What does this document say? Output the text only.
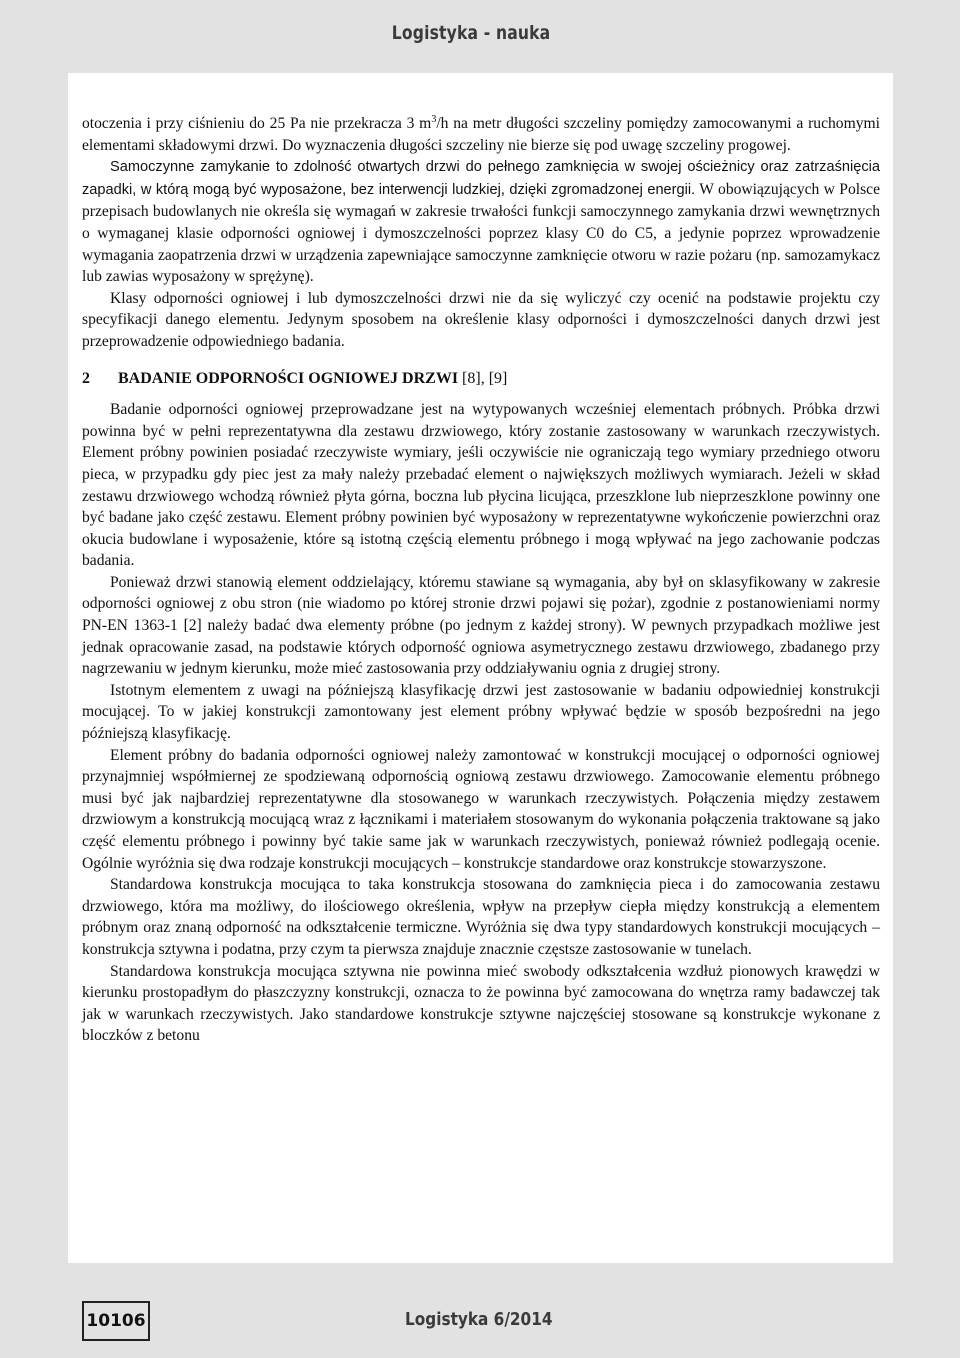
Logistyka - nauka

otoczenia i przy ciśnieniu do 25 Pa nie przekracza 3 $m^3/h$ na metr długości szczeliny pomiędzy zamocowanymi a ruchomymi elementami składowymi drzwi. Do wyznaczenia długości szczeliny nie bierze się pod uwagę szczeliny progowej.

Samoczynne zamykanie to zdolność otwartych drzwi do pełnego zamknięcia w swojej ościeżnicy oraz zatrzaśnięcia zapadki, w którą mogą być wyposażone, bez interwencji ludzkiej, dzięki zgromadzonej energii. W obowiązujących w Polsce przepisach budowlanych nie określa się wymagań w zakresie trwałości funkcji samoczynnego zamykania drzwi wewnętrznych o wymaganej klasie odporności ogniowej i dymoszczelności poprzez klasy C0 do C5, a jedynie poprzez wprowadzenie wymagania zaopatrzenia drzwi w urządzenia zapewniające samoczynne zamknięcie otworu w razie pożaru (np. samozamykacz lub zawias wyposażony w sprężynę).

Klasy odporności ogniowej i lub dymoszczelności drzwi nie da się wyliczyć czy ocenić na podstawie projektu czy specyfikacji danego elementu. Jedynym sposobem na określenie klasy odporności i dymoszczelności danych drzwi jest przeprowadzenie odpowiedniego badania.

2 BADANIE ODPORNOŚCI OGNIOWEJ DRZWI [8], [9]

Badanie odporności ogniowej przeprowadzane jest na wytypowanych wcześniej elementach próbnych. Próbka drzwi powinna być w pełni reprezentatywna dla zestawu drzwiowego, który zostanie zastosowany w warunkach rzeczywistych. Element próbny powinien posiadać rzeczywiste wymiary, jeśli oczywiście nie ograniczają tego wymiary przedniego otworu pieca, w przypadku gdy piec jest za mały należy przebadać element o największych możliwych wymiarach. Jeżeli w skład zestawu drzwiowego wchodzą również płyta górna, boczna lub płycina licująca, przeszklone lub nieprzeszklone powinny one być badane jako część zestawu. Element próbny powinien być wyposażony w reprezentatywne wykończenie powierzchni oraz okucia budowlane i wyposażenie, które są istotną częścią elementu próbnego i mogą wpływać na jego zachowanie podczas badania.

Ponieważ drzwi stanowią element oddzielający, któremu stawiane są wymagania, aby był on sklasyfikowany w zakresie odporności ogniowej z obu stron (nie wiadomo po której stronie drzwi pojawi się pożar), zgodnie z postanowieniami normy PN-EN 1363-1 [2] należy badać dwa elementy próbne (po jednym z każdej strony). W pewnych przypadkach możliwe jest jednak opracowanie zasad, na podstawie których odporność ogniowa asymetrycznego zestawu drzwiowego, zbadanego przy nagrzewaniu w jednym kierunku, może mieć zastosowania przy oddziaływaniu ognia z drugiej strony.

Istotnym elementem z uwagi na późniejszą klasyfikację drzwi jest zastosowanie w badaniu odpowiedniej konstrukcji mocującej. To w jakiej konstrukcji zamontowany jest element próbny wpływać będzie w sposób bezpośredni na jego późniejszą klasyfikację.

Element próbny do badania odporności ogniowej należy zamontować w konstrukcji mocującej o odporności ogniowej przynajmniej współmiernej ze spodziewaną odpornością ogniową zestawu drzwiowego. Zamocowanie elementu próbnego musi być jak najbardziej reprezentatywne dla stosowanego w warunkach rzeczywistych. Połączenia między zestawem drzwiowym a konstrukcją mocującą wraz z łącznikami i materiałem stosowanym do wykonania połączenia traktowane są jako część elementu próbnego i powinny być takie same jak w warunkach rzeczywistych, ponieważ również podlegają ocenie. Ogólnie wyróżnia się dwa rodzaje konstrukcji mocujących – konstrukcje standardowe oraz konstrukcje stowarzyszone.

Standardowa konstrukcja mocująca to taka konstrukcja stosowana do zamknięcia pieca i do zamocowania zestawu drzwiowego, która ma możliwy, do ilościowego określenia, wpływ na przepływ ciepła między konstrukcją a elementem próbnym oraz znaną odporność na odkształcenie termiczne. Wyróżnia się dwa typy standardowych konstrukcji mocujących – konstrukcja sztywna i podatna, przy czym ta pierwsza znajduje znacznie częstsze zastosowanie w tunelach.

Standardowa konstrukcja mocująca sztywna nie powinna mieć swobody odkształcenia wzdłuż pionowych krawędzi w kierunku prostopadłym do płaszczyzny konstrukcji, oznacza to że powinna być zamocowana do wnętrza ramy badawczej tak jak w warunkach rzeczywistych. Jako standardowe konstrukcje sztywne najczęściej stosowane są konstrukcje wykonane z bloczków z betonu

10106	Logistyka 6/2014
